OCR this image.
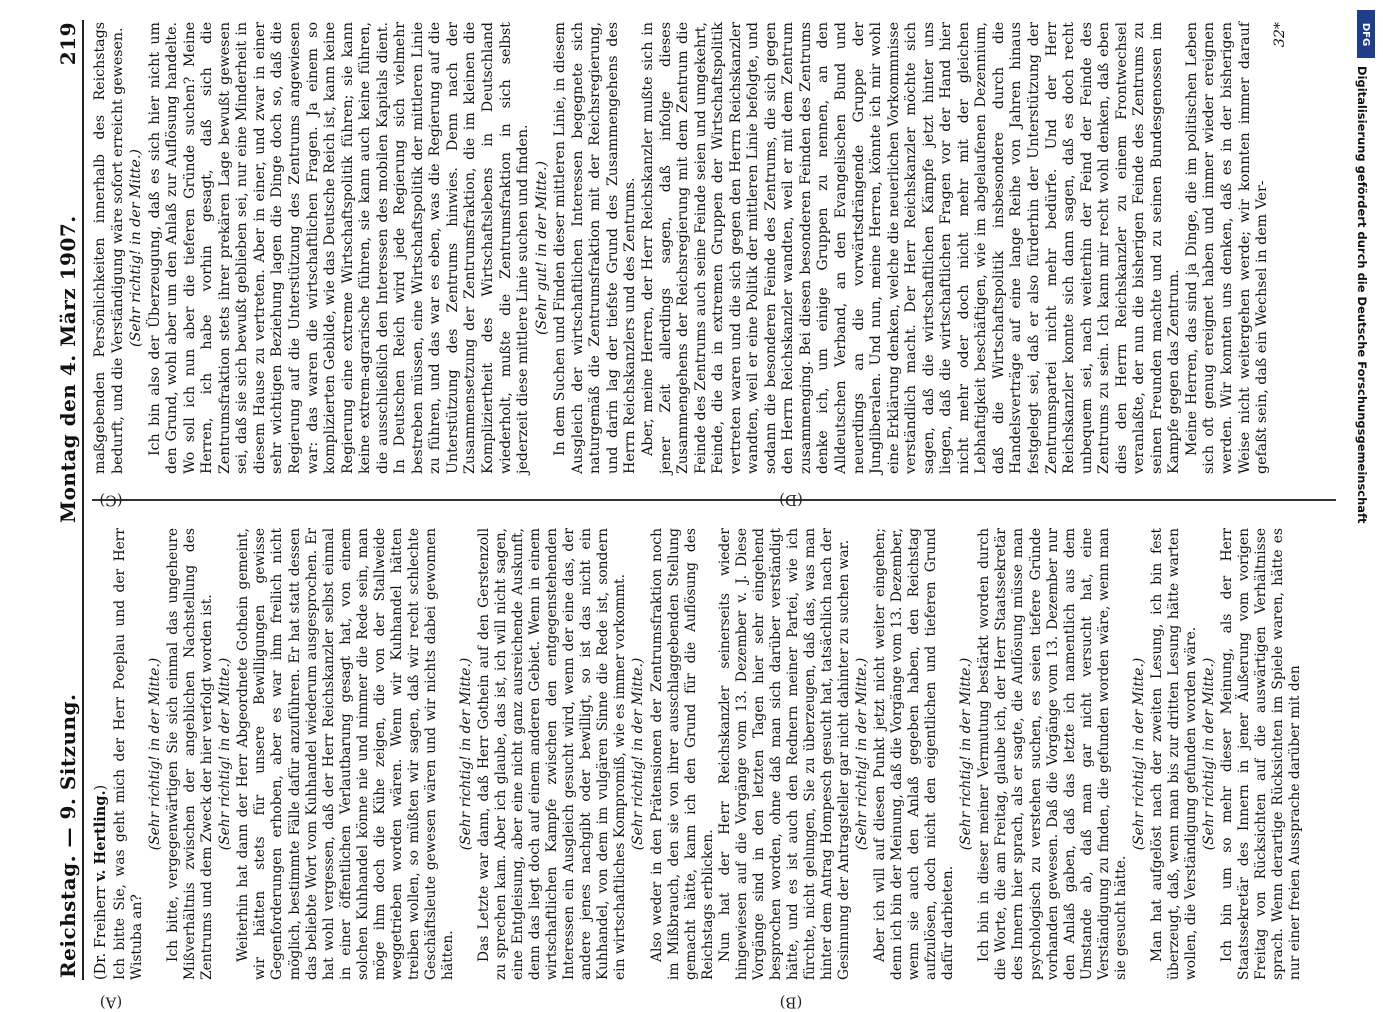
Reichstag. — 9. Sitzung.
Montag den 4. März 1907.
219
(Dr. Freiherr v. Hertling.) Ich bitte Sie, was geht mich der Herr Poeplau und der Herr Wistuba an?

(Sehr richtig! in der Mitte.) Ich bitte, vergegenwärtigen Sie sich einmal das ungeheure Mißverhältnis zwischen der angeblichen Nachstellung des Zentrums und dem Zweck der hier verfolgt worden ist. (Sehr richtig! in der Mitte.) Weiterhin hat dann der Herr Abgeordnete Gothein gemeint, wir hätten stets für unsere Bewilligungen gewisse Gegenforderungen erhoben, aber es war ihm freilich nicht möglich, bestimmte Fälle dafür anzuführen. Er hat statt dessen das beliebte Wort vom Kuhhandel wiederum ausgesprochen. Er hat wohl vergessen, daß der Herr Reichskanzler selbst einmal in einer öffentlichen Verlautbarung gesagt hat, von einem solchen Kuhhandel könne nie und nimmer die Rede sein, man möge ihm doch die Kühe zeigen, die von der Stallweide weggetrieben worden wären. Wenn wir Kuhhandel hätten treiben wollen, so müßten wir sagen, daß wir recht schlechte Geschäftsleute gewesen wären und wir nichts dabei gewonnen hätten.

(Sehr richtig! in der Mitte.) Das Letzte war dann, daß Herr Gothein auf den Gerstenzoll zu sprechen kam. Aber ich glaube, das ist, ich will nicht sagen, eine Entgleisung, aber eine nicht ganz ausreichende Auskunft, denn das liegt doch auf einem anderen Gebiet. Wenn in einem wirtschaftlichen Kampfe zwischen den entgegenstehenden Interessen ein Ausgleich gesucht wird, wenn der eine das, der andere jenes nachgibt oder bewilligt, so ist das nicht ein Kuhhandel, von dem im vulgären Sinne die Rede ist, sondern ein wirtschaftliches Kompromiß, wie es immer vorkommt. (Sehr richtig! in der Mitte.) Also weder in den Prätensionen der Zentrumsfraktion noch im Mißbrauch, den sie von ihrer ausschlaggebenden Stellung gemacht hätte, kann ich den Grund für die Auflösung des Reichstags erblicken. Nun hat der Herr Reichskanzler seinerseits wieder hingewiesen auf die Vorgänge vom 13. Dezember v. J. Diese Vorgänge sind in den letzten Tagen hier sehr eingehend besprochen worden, ohne daß man sich darüber verständigt hätte, und es ist auch den Rednern meiner Partei, wie ich fürchte, nicht gelungen, Sie zu überzeugen, daß das, was man hinter dem Antrag Hompesch gesucht hat, tatsächlich nach der Gesinnung der Antragsteller gar nicht dahinter zu suchen war. (Sehr richtig! in der Mitte.) Aber ich will auf diesen Punkt jetzt nicht weiter eingehen; denn ich bin der Meinung, daß die Vorgänge vom 13. Dezember, wenn sie auch den Anlaß gegeben haben, den Reichstag aufzulösen, doch nicht den eigentlichen und tieferen Grund dafür darbieten.

(Sehr richtig! in der Mitte.) Ich bin in dieser meiner Vermutung bestärkt worden durch die Worte, die am Freitag, glaube ich, der Herr Staatssekretär des Innern hier sprach, als er sagte, die Auflösung müsse man psychologisch zu verstehen suchen, es seien tiefere Gründe vorhanden gewesen. Daß die Vorgänge vom 13. Dezember nur den Anlaß gaben, daß das letzte ich namentlich aus dem Umstande ab, daß man gar nicht versucht hat, eine Verständigung zu finden, die gefunden worden wäre, wenn man sie gesucht hätte.

(Sehr richtig! in der Mitte.) Man hat aufgelöst nach der zweiten Lesung, ich bin fest überzeugt, daß, wenn man bis zur dritten Lesung hätte warten wollen, die Verständigung gefunden worden wäre. (Sehr richtig! in der Mitte.) Ich bin um so mehr dieser Meinung, als der Herr Staatssekretär des Innern in jener Äußerung vom vorigen Freitag von Rücksichten auf die auswärtigen Verhältnisse sprach. Wenn derartige Rücksichten im Spiele waren, hätte es nur einer freien Aussprache darüber mit den

maßgebenden Persönlichkeiten innerhalb des Reichstags bedurft, und die Verständigung wäre sofort erreicht gewesen. (Sehr richtig! in der Mitte.) Ich bin also der Überzeugung, daß es sich hier nicht um den Grund, wohl aber um den Anlaß zur Auflösung handelte. Wo soll ich nun aber die tieferen Gründe suchen? Meine Herren, ich habe vorhin gesagt, daß sich die Zentrumsfraktion stets ihrer prekären Lage bewußt gewesen sei, daß sie sich bewußt geblieben sei, nur eine Minderheit in diesem Hause zu vertreten. Aber in einer, und zwar in einer sehr wichtigen Beziehung lagen die Dinge doch so, daß die Regierung auf die Unterstützung des Zentrums angewiesen war: das waren die wirtschaftlichen Fragen. Ja einem so komplizierten Gebilde, wie das Deutsche Reich ist, kann keine Regierung eine extreme Wirtschaftspolitik führen; sie kann keine extrem-agrarische führen, sie kann auch keine führen, die ausschließlich den Interessen des mobilen Kapitals dient. In Deutschen Reich wird jede Regierung sich vielmehr bestreben müssen, eine Wirtschaftspolitik der mittleren Linie zu führen, und das war es eben, was die Regierung auf die Unterstützung des Zentrums hinwies. Denn nach der Zusammensetzung der Zentrumsfraktion, die im kleinen die Kompliziertheit des Wirtschaftslebens in Deutschland wiederholt, mußte die Zentrumsfraktion in sich selbst jederzeit diese mittlere Linie suchen und finden. (Sehr gut! in der Mitte.) In dem Suchen und Finden dieser mittleren Linie, in diesem Ausgleich der wirtschaftlichen Interessen begegnete sich naturgemäß die Zentrumsfraktion mit der Reichsregierung, und darin lag der tiefste Grund des Zusammengehens des Herrn Reichskanzlers und des Zentrums. Aber, meine Herren, der Herr Reichskanzler mußte sich in jener Zeit allerdings sagen, daß infolge dieses Zusammengehens der Reichsregierung mit dem Zentrum die Feinde des Zentrums auch seine Feinde seien und umgekehrt, Feinde, die da in extremen Gruppen der Wirtschaftspolitik vertreten waren und die sich gegen den Herrn Reichskanzler wandten, weil er eine Politik der mittleren Linie befolgte, und sodann die besonderen Feinde des Zentrums, die sich gegen den Herrn Reichskanzler wandten, weil er mit dem Zentrum zusammenging. Bei diesen besonderen Feinden des Zentrums denke ich, um einige Gruppen zu nennen, an den Alldeutschen Verband, an den Evangelischen Bund und neuerdings an die vorwärtsdrängende Gruppe der Jungliberalen. Und nun, meine Herren, könnte ich mir wohl eine Erklärung denken, welche die neuerlichen Vorkommnisse verständlich macht. Der Herr Reichskanzler möchte sich sagen, daß die wirtschaftlichen Kämpfe jetzt hinter uns liegen, daß die wirtschaftlichen Fragen vor der Hand hier nicht mehr oder doch nicht mehr mit der gleichen Lebhaftigkeit beschäftigen, wie im abgelaufenen Dezennium, daß die Wirtschaftspolitik insbesondere durch die Handelsverträge auf eine lange Reihe von Jahren hinaus festgelegt sei, daß er also fürderhin der Unterstützung der Zentrumspartei nicht mehr bedürfe. Und der Herr Reichskanzler konnte sich dann sagen, daß es doch recht unbequem sei, nach weiterhin der Feind der Feinde des Zentrums zu sein. Ich kann mir recht wohl denken, daß eben dies den Herrn Reichskanzler zu einem Frontwechsel veranlaßte, der nun die bisherigen Feinde des Zentrums zu seinen Freunden machte und zu seinen Bundesgenossen im Kampfe gegen das Zentrum. Meine Herren, das sind ja Dinge, die im politischen Leben sich oft genug ereignet haben und immer wieder ereignen werden. Wir konnten uns denken, daß es in der bisherigen Weise nicht weitergehen werde; wir konnten immer darauf gefaßt sein, daß ein Wechsel in dem Ver-

32*

(A)	(B)
(C)	(D)
DFG
Digitalisierung gefördert durch die Deutsche Forschungsgemeinschaft
